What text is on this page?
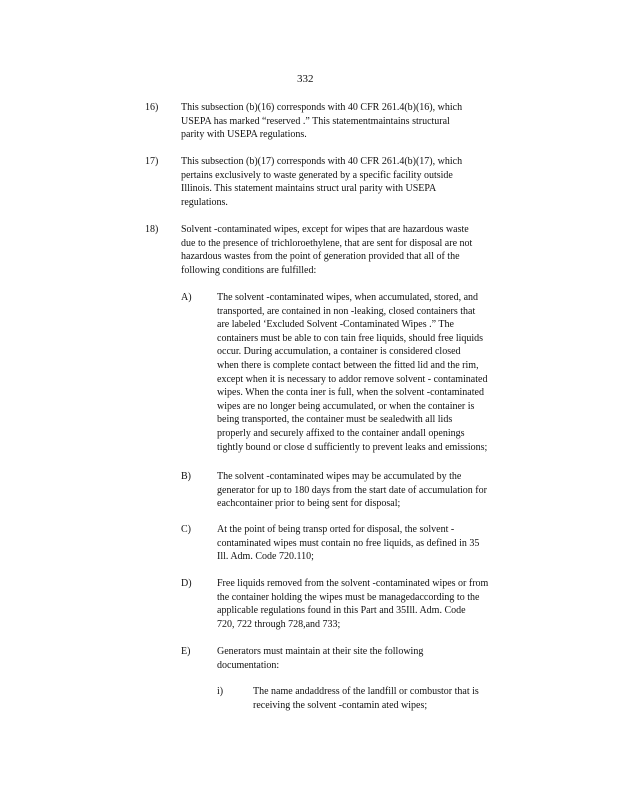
332
16) This subsection (b)(16) corresponds with 40 CFR 261.4(b)(16), which
USEPA has marked “reserved .” This statementmaintains structural
parity with USEPA regulations.
17) This subsection (b)(17) corresponds with 40 CFR 261.4(b)(17), which
pertains exclusively to waste generated by a specific facility outside
Illinois. This statement maintains struct ural parity with USEPA
regulations.
18) Solvent -contaminated wipes, except for wipes that are hazardous waste
due to the presence of trichloroethylene, that are sent for disposal are not
hazardous wastes from the point of generation provided that all of the
following conditions are fulfilled:
A)	The solvent -contaminated wipes, when accumulated, stored, and
transported, are contained in non -leaking, closed containers that
are labeled ‘Excluded Solvent -Contaminated Wipes .” The
containers must be able to con tain free liquids, should free liquids
occur. During accumulation, a container is considered closed
when there is complete contact between the fitted lid and the rim,
except when it is necessary to addor remove solvent - contaminated
wipes. When the conta iner is full, when the solvent -contaminated
wipes are no longer being accumulated, or when the container is
being transported, the container must be sealedwith all lids
properly and securely affixed to the container andall openings
tightly bound or close d sufficiently to prevent leaks and emissions;
B)	The solvent -contaminated wipes may be accumulated by the
generator for up to 180 days from the start date of accumulation for
eachcontainer prior to being sent for disposal;
C)	At the point of being transp orted for disposal, the solvent -
contaminated wipes must contain no free liquids, as defined in 35
Ill. Adm. Code 720.110;
D)	Free liquids removed from the solvent -contaminated wipes or from
the container holding the wipes must be managedaccording to the
applicable regulations found in this Part and 35Ill. Adm. Code
720, 722 through 728,and 733;
E)	Generators must maintain at their site the following
documentation:
i)	The name andaddress of the landfill or combustor that is
receiving the solvent -contamin ated wipes;
